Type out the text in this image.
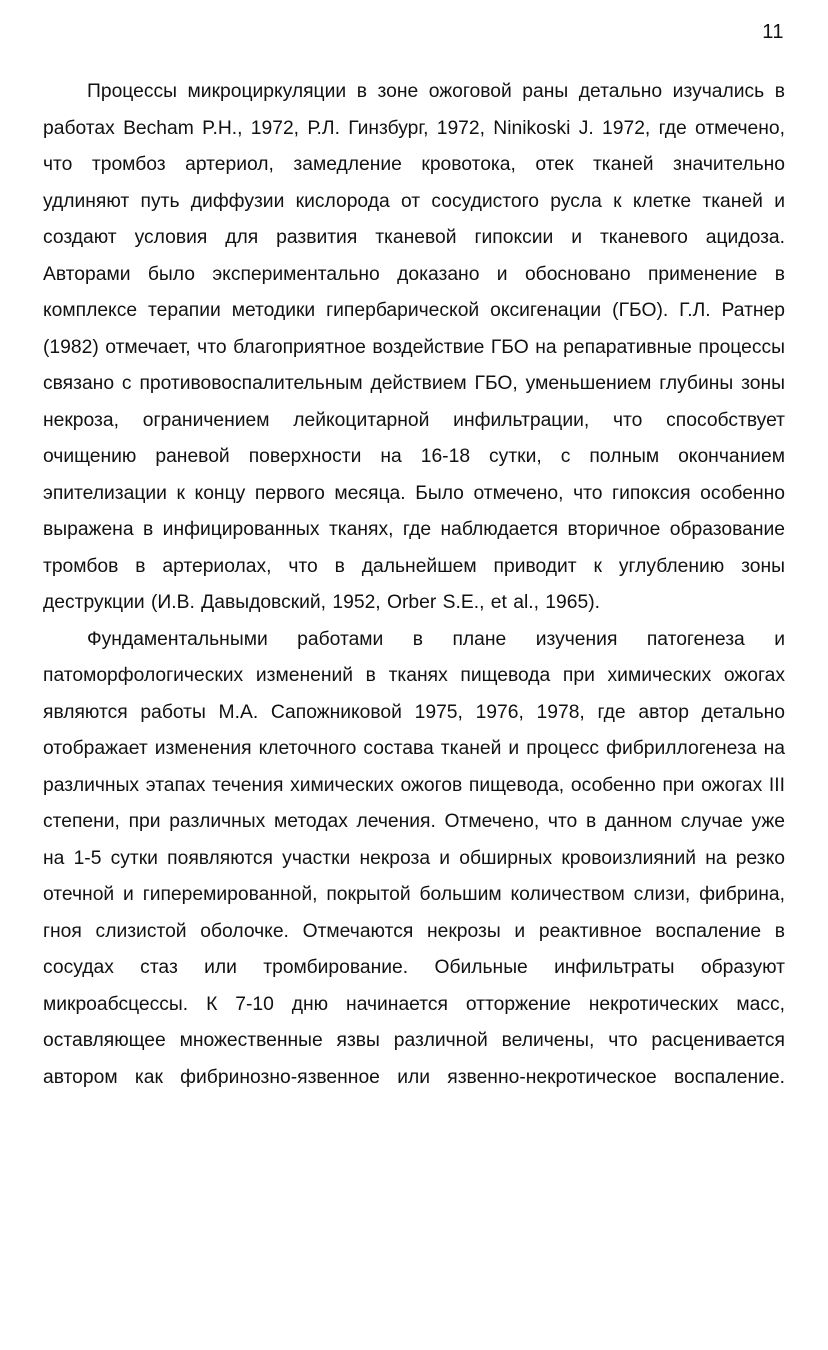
11

Процессы микроциркуляции в зоне ожоговой раны детально изучались в работах Becham P.H., 1972, Р.Л. Гинзбург, 1972, Ninikoski J. 1972, где отмечено, что тромбоз артериол, замедление кровотока, отек тканей значительно удлиняют путь диффузии кислорода от сосудистого русла к клетке тканей и создают условия для развития тканевой гипоксии и тканевого ацидоза. Авторами было экспериментально доказано и обосновано применение в комплексе терапии методики гипербарической оксигенации (ГБО). Г.Л. Ратнер (1982) отмечает, что благоприятное воздействие ГБО на репаративные процессы связано с противовоспалительным действием ГБО, уменьшением глубины зоны некроза, ограничением лейкоцитарной инфильтрации, что способствует очищению раневой поверхности на 16-18 сутки, с полным окончанием эпителизации к концу первого месяца. Было отмечено, что гипоксия особенно выражена в инфицированных тканях, где наблюдается вторичное образование тромбов в артериолах, что в дальнейшем приводит к углублению зоны деструкции (И.В. Давыдовский, 1952, Orber S.E., et al., 1965).

Фундаментальными работами в плане изучения патогенеза и патоморфологических изменений в тканях пищевода при химических ожогах являются работы М.А. Сапожниковой 1975, 1976, 1978, где автор детально отображает изменения клеточного состава тканей и процесс фибриллогенеза на различных этапах течения химических ожогов пищевода, особенно при ожогах III степени, при различных методах лечения. Отмечено, что в данном случае уже на 1-5 сутки появляются участки некроза и обширных кровоизлияний на резко отечной и гиперемированной, покрытой большим количеством слизи, фибрина, гноя слизистой оболочке. Отмечаются некрозы и реактивное воспаление в сосудах стаз или тромбирование. Обильные инфильтраты образуют микроабсцессы. К 7-10 дню начинается отторжение некротических масс, оставляющее множественные язвы различной величены, что расценивается автором как фибринозно-язвенное или язвенно-некротическое воспаление.
